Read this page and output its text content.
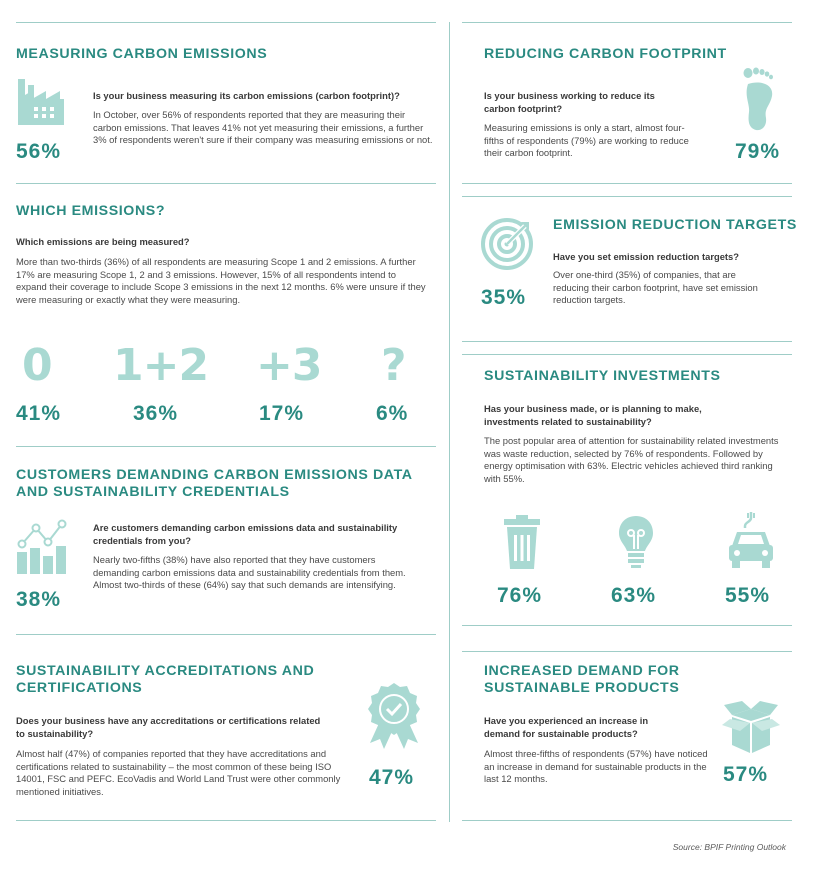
MEASURING CARBON EMISSIONS
56%
Is your business measuring its carbon emissions (carbon footprint)?
In October, over 56% of respondents reported that they are measuring their carbon emissions. That leaves 41% not yet measuring their emissions, a further 3% of respondents weren't sure if their company was measuring emissions or not.
REDUCING CARBON FOOTPRINT
Is your business working to reduce its carbon footprint?
Measuring emissions is only a start, almost four-fifths of respondents (79%) are working to reduce their carbon footprint.	79%
WHICH EMISSIONS?
Which emissions are being measured?
More than two-thirds (36%) of all respondents are measuring Scope 1 and 2 emissions. A further 17% are measuring Scope 1, 2 and 3 emissions. However, 15% of all respondents intend to expand their coverage to include Scope 3 emissions in the next 12 months. 6% were unsure if they were measuring or exactly what they were measuring.
0 1+2 +3 ?
41%	36%	17%	6%
35%
EMISSION REDUCTION TARGETS
Have you set emission reduction targets?
Over one-third (35%) of companies, that are reducing their carbon footprint, have set emission reduction targets.
SUSTAINABILITY INVESTMENTS
Has your business made, or is planning to make, investments related to sustainability?
The post popular area of attention for sustainability related investments was waste reduction, selected by 76% of respondents. Followed by energy optimisation with 63%. Electric vehicles achieved third ranking with 55%.
76%	63%	55%
CUSTOMERS DEMANDING CARBON EMISSIONS DATA AND SUSTAINABILITY CREDENTIALS
38%
Are customers demanding carbon emissions data and sustainability credentials from you?
Nearly two-fifths (38%) have also reported that they have customers demanding carbon emissions data and sustainability credentials from them. Almost two-thirds of these (64%) say that such demands are intensifying.
SUSTAINABILITY ACCREDITATIONS AND CERTIFICATIONS
Does your business have any accreditations or certifications related to sustainability?
Almost half (47%) of companies reported that they have accreditations and certifications related to sustainability – the most common of these being ISO 14001, FSC and PEFC. EcoVadis and World Land Trust were other commonly mentioned initiatives.
47%
INCREASED DEMAND FOR SUSTAINABLE PRODUCTS
Have you experienced an increase in demand for sustainable products?
Almost three-fifths of respondents (57%) have noticed an increase in demand for sustainable products in the last 12 months.	57%
Source: BPIF Printing Outlook
